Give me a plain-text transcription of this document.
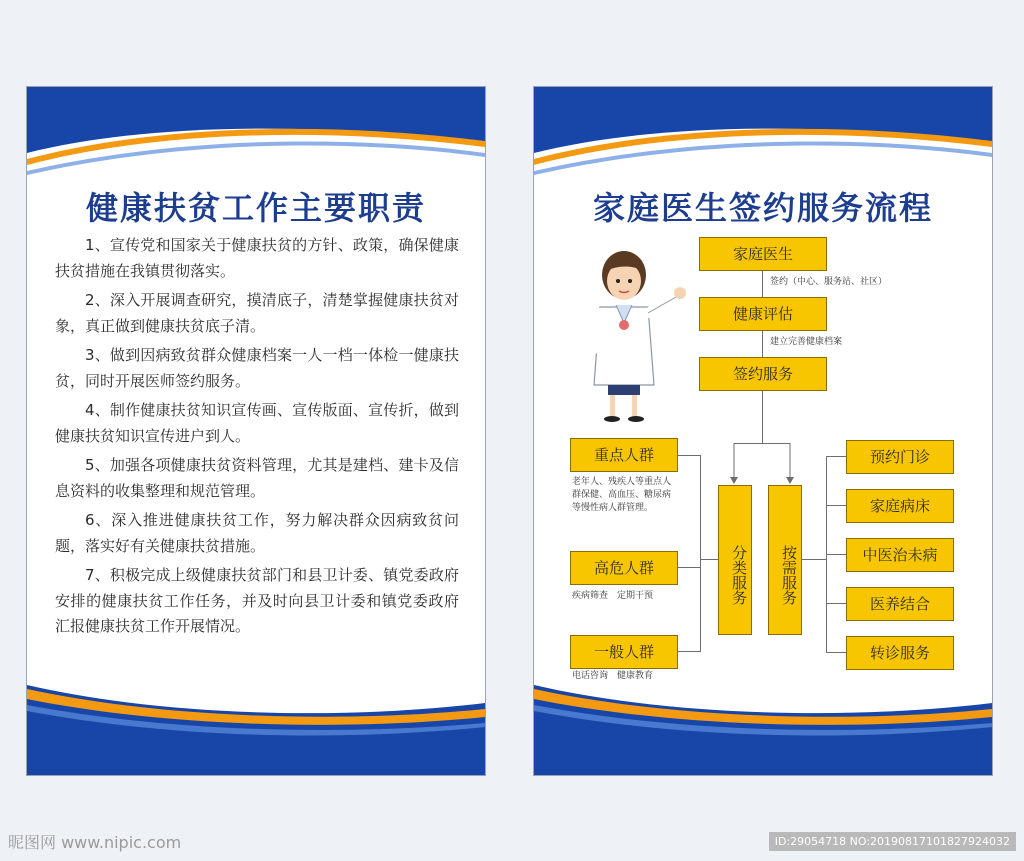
健康扶贫工作主要职责

1、宣传党和国家关于健康扶贫的方针、政策，确保健康扶贫措施在我镇贯彻落实。

2、深入开展调查研究，摸清底子，清楚掌握健康扶贫对象，真正做到健康扶贫底子清。

3、做到因病致贫群众健康档案一人一档一体检一健康扶贫，同时开展医师签约服务。

4、制作健康扶贫知识宣传画、宣传版面、宣传折，做到健康扶贫知识宣传进户到人。

5、加强各项健康扶贫资料管理，尤其是建档、建卡及信息资料的收集整理和规范管理。

6、深入推进健康扶贫工作，努力解决群众因病致贫问题，落实好有关健康扶贫措施。

7、积极完成上级健康扶贫部门和县卫计委、镇党委政府安排的健康扶贫工作任务，并及时向县卫计委和镇党委政府汇报健康扶贫工作开展情况。

家庭医生签约服务流程
家庭医生
签约（中心、服务站、社区）
健康评估
建立完善健康档案
签约服务
分类服务	按需服务
重点人群
老年人、残疾人等重点人群保健、高血压、糖尿病等慢性病人群管理。
高危人群
疾病筛查　定期干预
一般人群
电话咨询　健康教育
预约门诊
家庭病床
中医治未病
医养结合
转诊服务
昵图网 www.nipic.com	ID:29054718 NO:20190817101827924032
